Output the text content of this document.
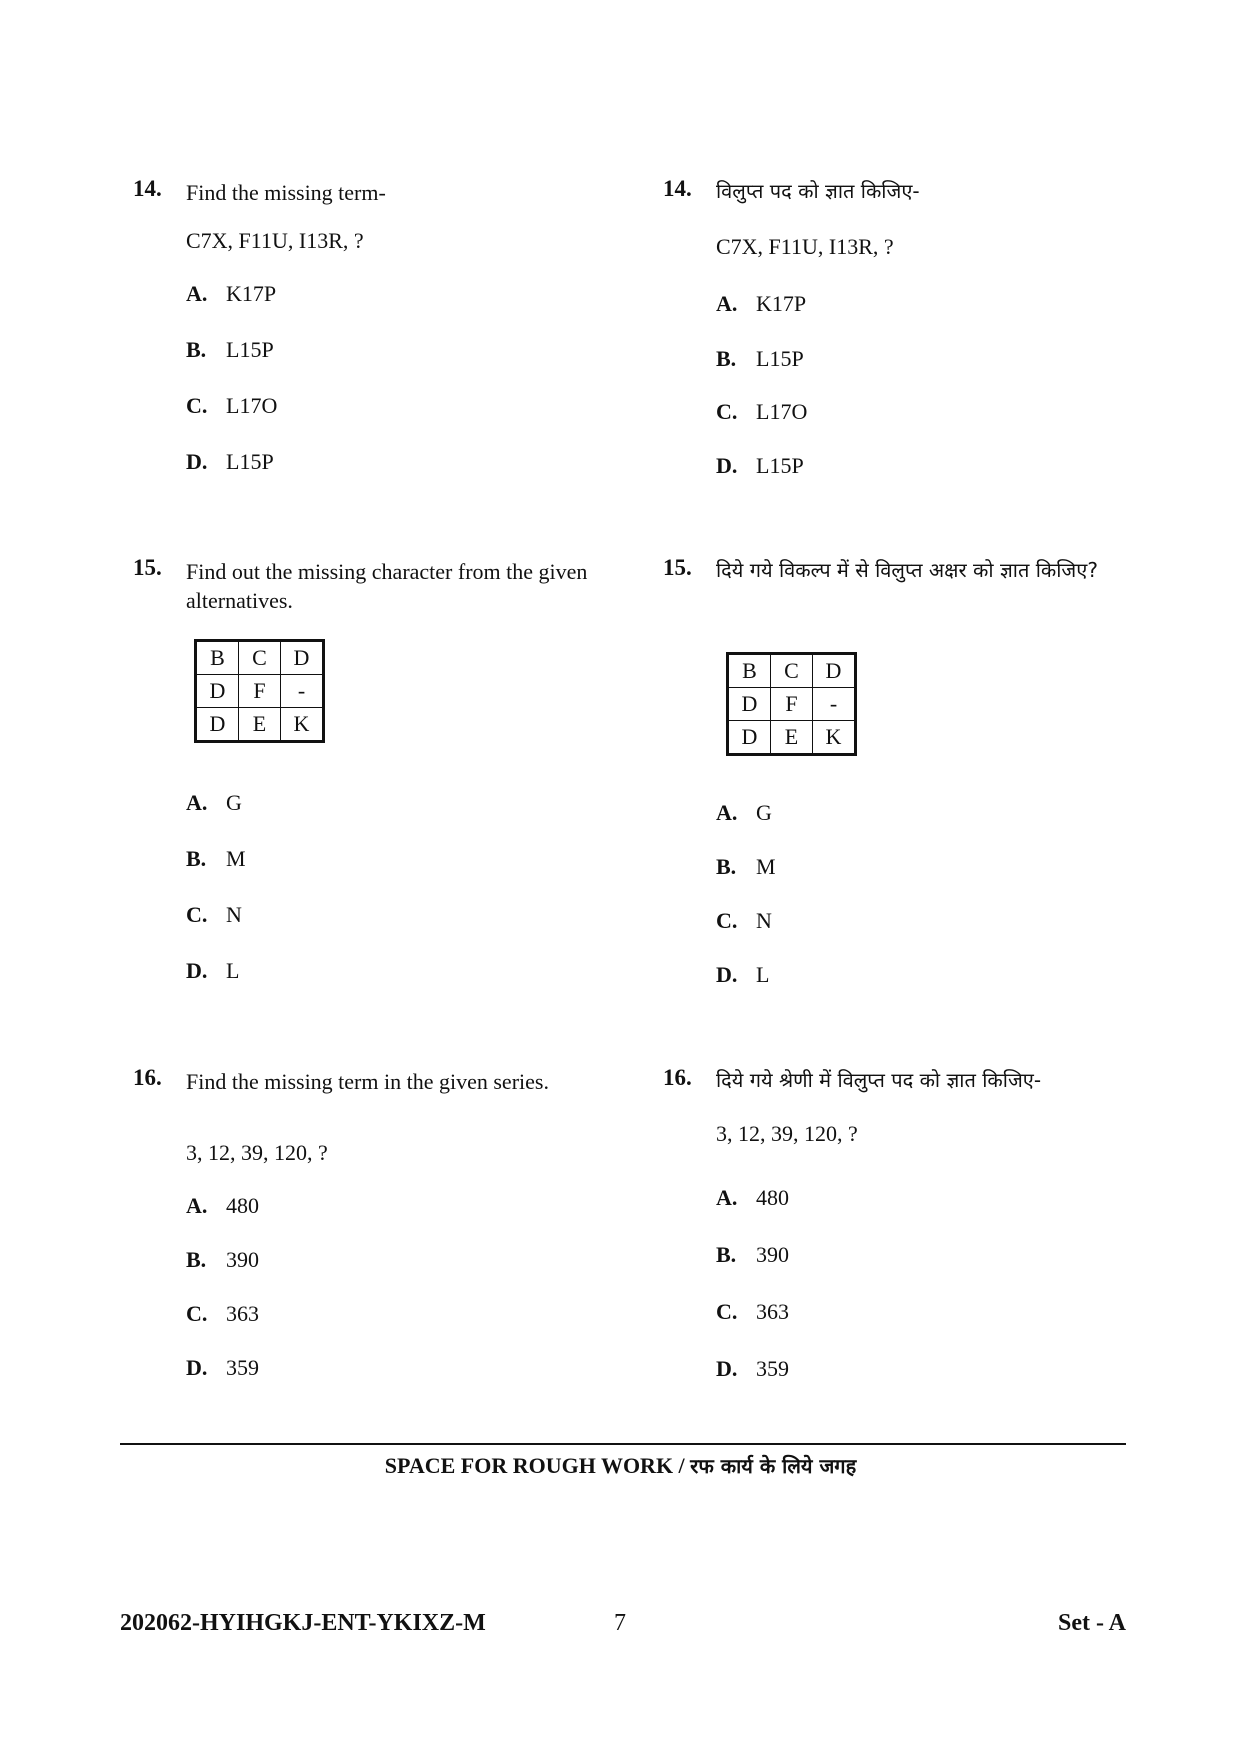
14. Find the missing term-
C7X, F11U, I13R, ?
A. K17P
B. L15P
C. L17O
D. L15P
15. Find out the missing character from the given alternatives.
B	C	D
D	F	-
D	E	K
A. G
B. M
C. N
D. L
16. Find the missing term in the given series.
3, 12, 39, 120, ?
A. 480
B. 390
C. 363
D. 359
14. विलुप्त पद को ज्ञात किजिए-
C7X, F11U, I13R, ?
A. K17P
B. L15P
C. L17O
D. L15P
15. दिये गये विकल्प में से विलुप्त अक्षर को ज्ञात किजिए?
B	C	D
D	F	-
D	E	K
A. G
B. M
C. N
D. L
16. दिये गये श्रेणी में विलुप्त पद को ज्ञात किजिए-
3, 12, 39, 120, ?
A. 480
B. 390
C. 363
D. 359
SPACE FOR ROUGH WORK / रफ कार्य के लिये जगह
202062-HYIHGKJ-ENT-YKIXZ-M	7	Set - A
